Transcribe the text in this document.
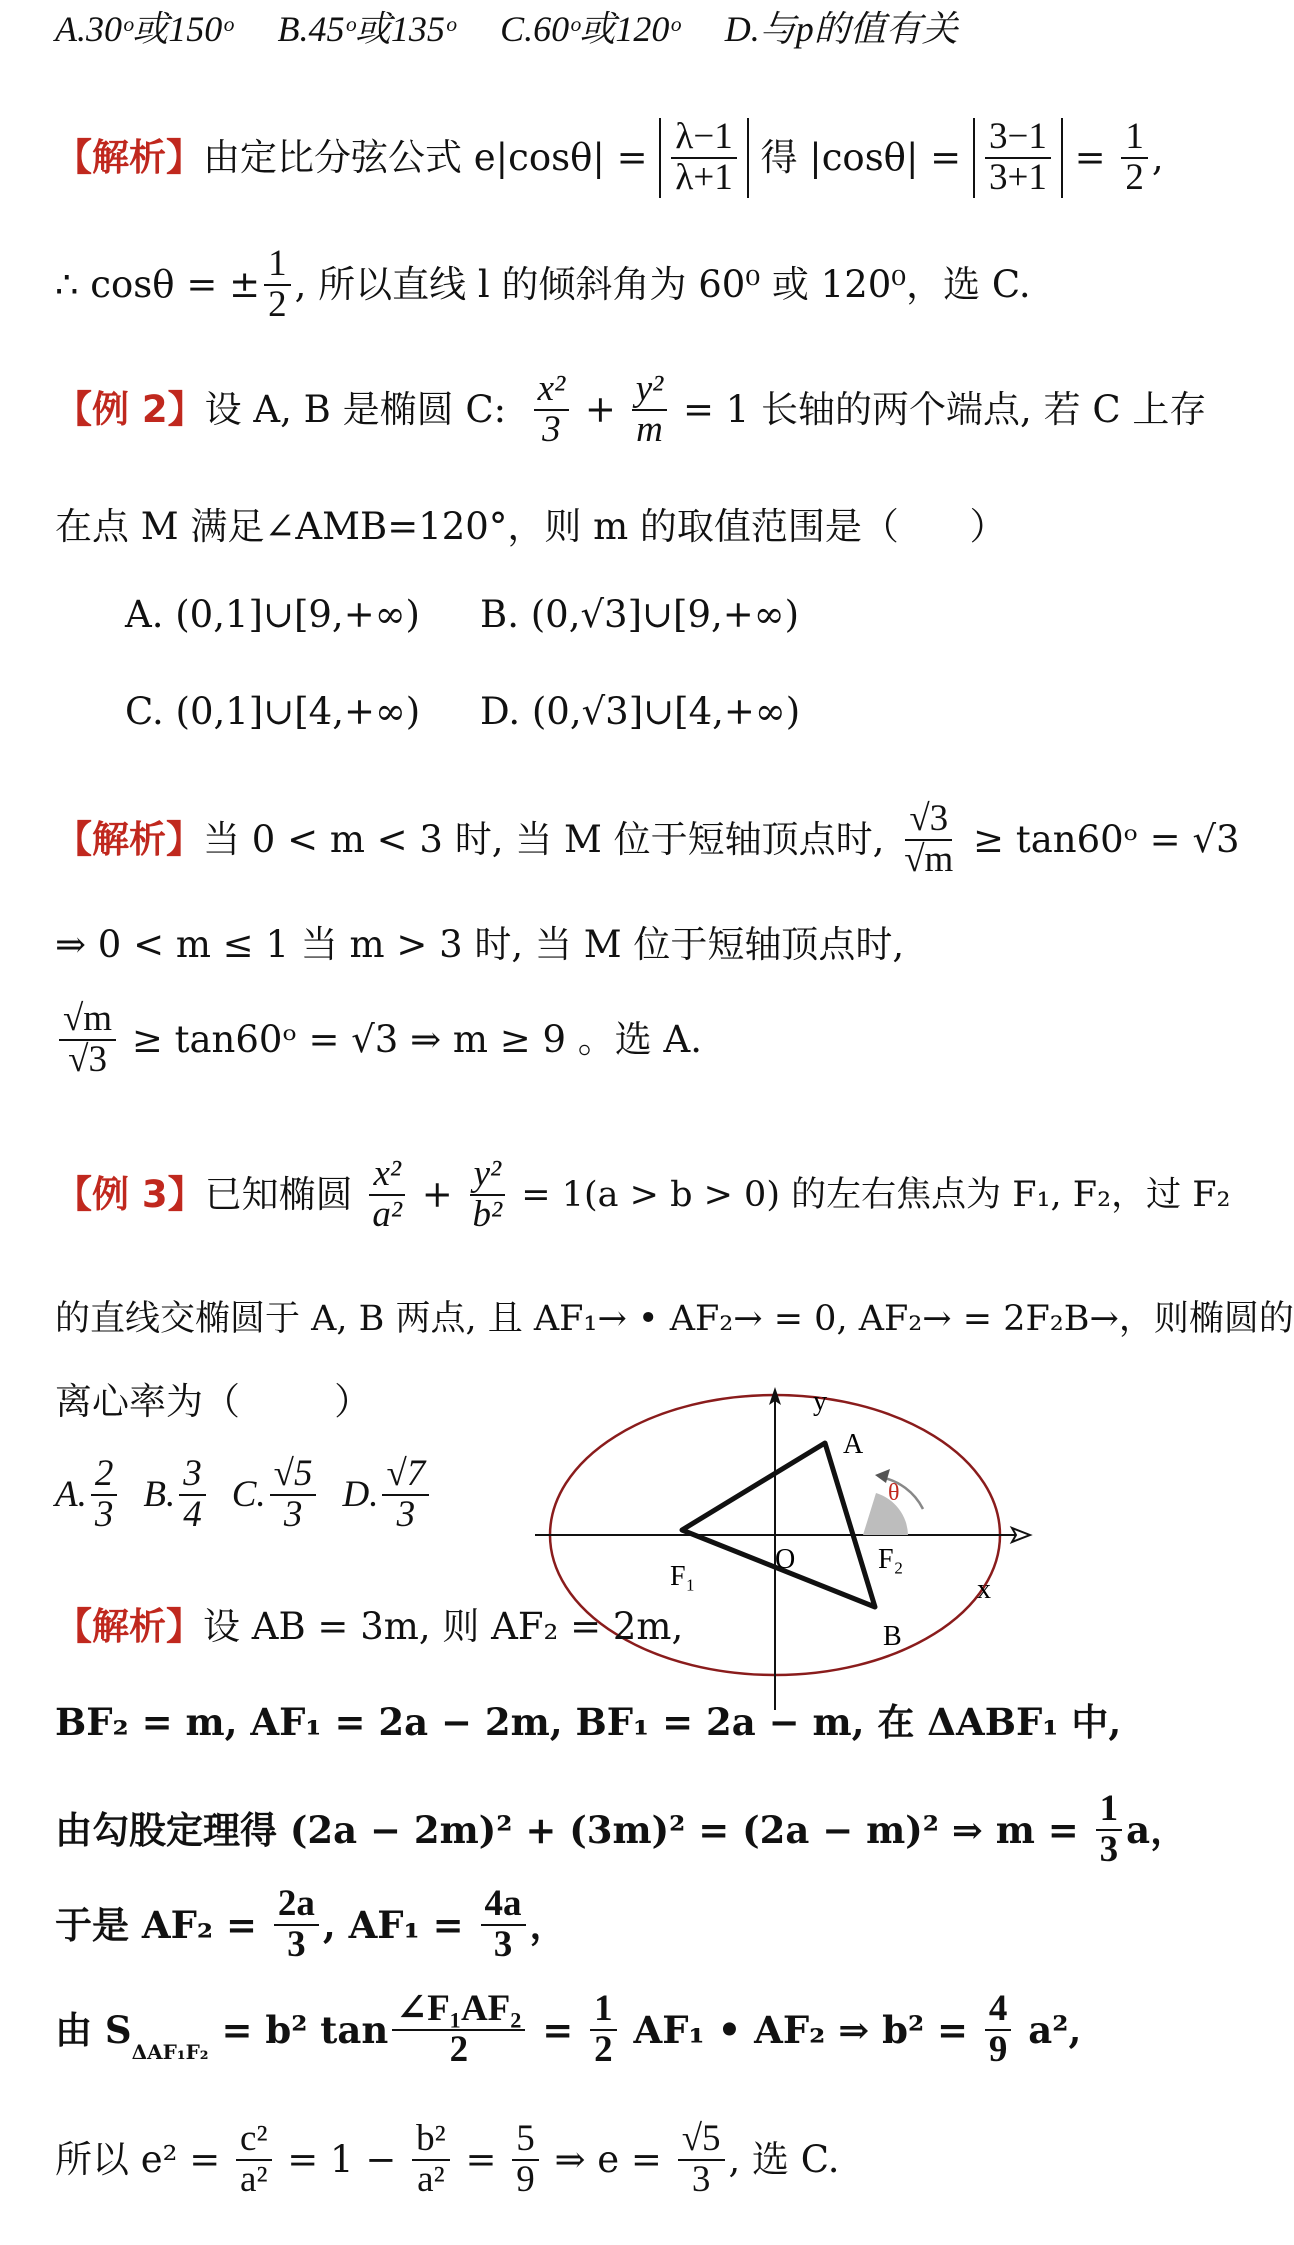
A.30ᵒ或150ᵒ     B.45ᵒ或135ᵒ     C.60ᵒ或120ᵒ     D.与p的值有关
【解析】 由定比分弦公式 $e|\cos\theta| = \frac{\lambda-1}{\lambda+1}$ 得 $|\cos\theta| = \frac{3-1}{3+1} = \frac{1}{2}$ ,
∴ cosθ = ± $\frac{1}{2}$ , 所以直线 l 的倾斜角为 60⁰ 或 120⁰，选 C.
【例 2】 设 A, B 是椭圆 C: $\frac{\text{x²}}{3} + \frac{\text{y²}}{m} = 1$ 长轴的两个端点, 若 C 上存
在点 M 满足∠AMB=120°，则 m 的取值范围是（      ）
A. (0,1]∪[9,+∞) B. (0,√3]∪[9,+∞)
C. (0,1]∪[4,+∞) D. (0,√3]∪[4,+∞)
【解析】 当 0 < m < 3 时, 当 M 位于短轴顶点时, $\frac{√3}{√m}$ ≥ tan60ᵒ = √3
⇒ 0 < m ≤ 1 当 m > 3 时, 当 M 位于短轴顶点时,
$\frac{√m}{√3}$ ≥ tan60ᵒ = √3 ⇒ m ≥ 9 。选 A.
【例 3】 已知椭圆 $\frac{\text{x²}}{\text{a²}} + \frac{\text{y²}}{\text{b²}} = 1(a > b > 0)$ 的左右焦点为 F₁, F₂，过 F₂
的直线交椭圆于 A, B 两点, 且 AF₁→ • AF₂→ = 0, AF₂→ = 2F₂B→，则椭圆的
离心率为（        ）
A. $\frac{2}{3} B$. $\frac{3}{4} C$. $\frac{√5}{3} D$. $\frac{√7}{3}$
y
A
θ
O	F₂
F₁	x
B
【解析】 设 AB = 3m, 则 AF₂ = 2m,
BF₂ = m, AF₁ = 2a − 2m, BF₁ = 2a − m, 在 ΔABF₁ 中,
由勾股定理得 (2a − 2m)² + (3m)² = (2a − m)² ⇒ $m = \frac{1}{3}$ a，
于是 $AF_2 = \frac{2a}{3}$ , $AF_1 = \frac{4a}{3}$ ，
由 S
ΔAF₁F₂
= b² $\tan \frac{\text{∠F₁AF₂}}{2} = \frac{1}{2} AF_1$ • AF₂ ⇒ $b^2 = \frac{4}{9} a^2$,
所以 $e^2 = \frac{\text{c²}}{\text{a²}} = 1 - \frac{\text{b²}}{\text{a²}} = \frac{5}{9}$ ⇒ $e = \frac{√5}{3}$ , 选 C.
